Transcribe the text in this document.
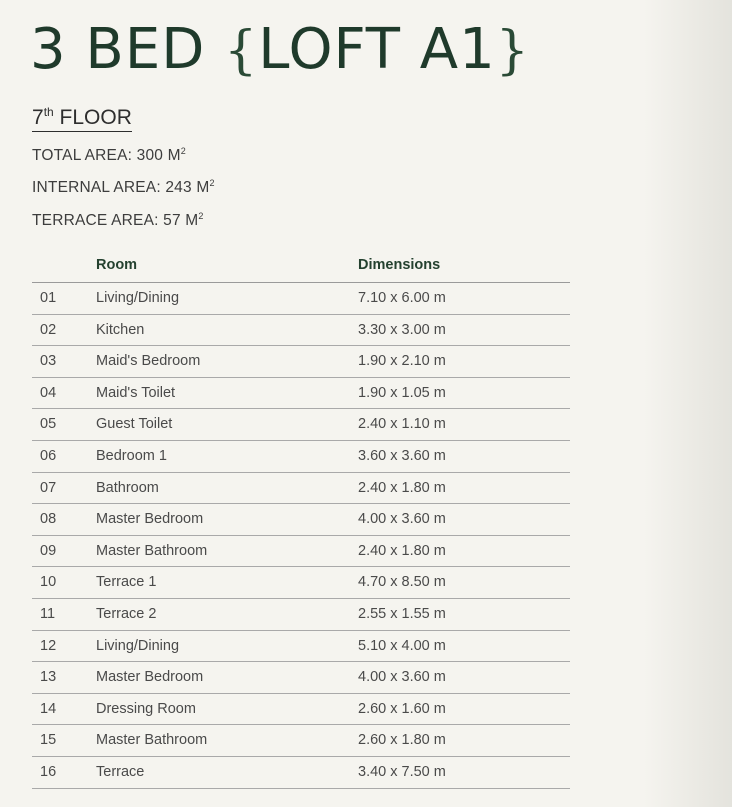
3 BED {LOFT A1}
7th FLOOR
TOTAL AREA: 300 $M^2$
INTERNAL AREA: 243 $M^2$
TERRACE AREA: 57 $M^2$
Room	Dimensions
01	Living/Dining	7.10 x 6.00 m
02	Kitchen	3.30 x 3.00 m
03	Maid's Bedroom	1.90 x 2.10 m
04	Maid's Toilet	1.90 x 1.05 m
05	Guest Toilet	2.40 x 1.10 m
06	Bedroom 1	3.60 x 3.60 m
07	Bathroom	2.40 x 1.80 m
08	Master Bedroom	4.00 x 3.60 m
09	Master Bathroom	2.40 x 1.80 m
10	Terrace 1	4.70 x 8.50 m
11	Terrace 2	2.55 x 1.55 m
12	Living/Dining	5.10 x 4.00 m
13	Master Bedroom	4.00 x 3.60 m
14	Dressing Room	2.60 x 1.60 m
15	Master Bathroom	2.60 x 1.80 m
16	Terrace	3.40 x 7.50 m
